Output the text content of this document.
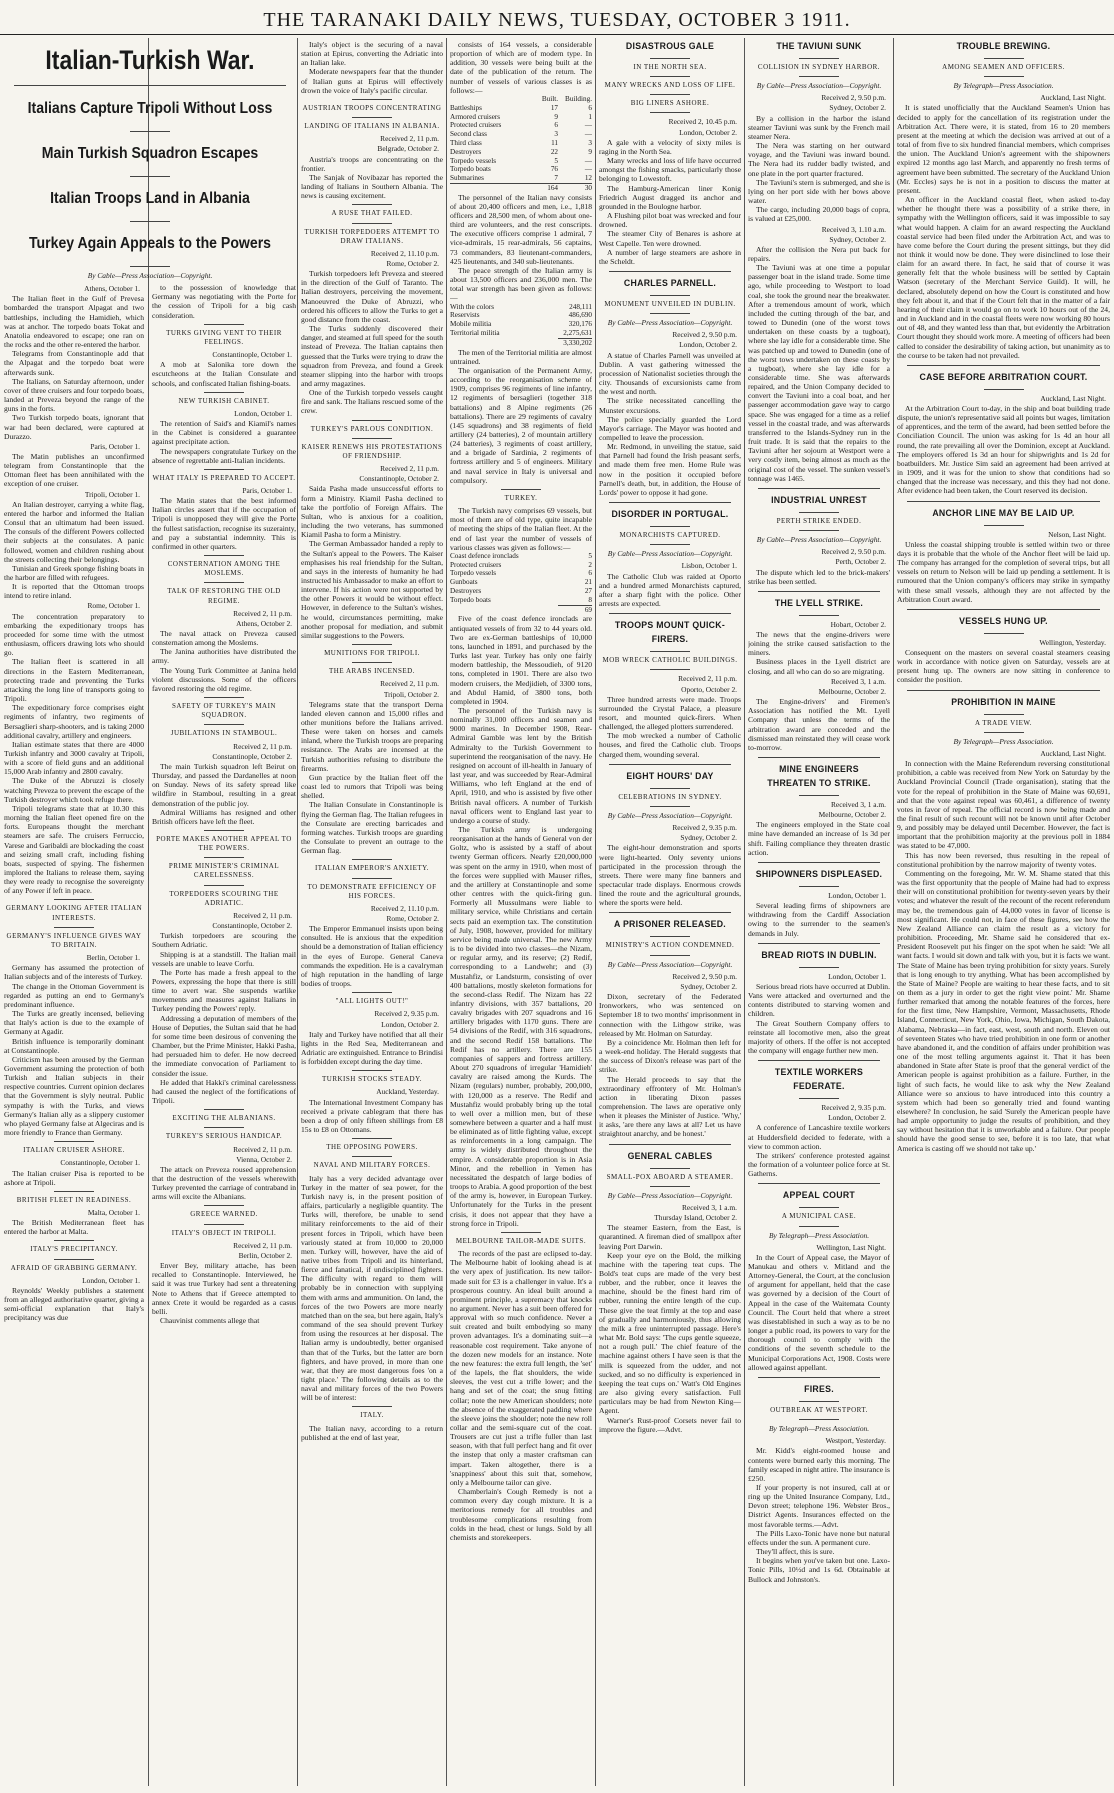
THE TARANAKI DAILY NEWS, TUESDAY, OCTOBER 3 1911.
Italian-Turkish War.
Italians Capture Tripoli Without Loss
Main Turkish Squadron Escapes
Italian Troops Land in Albania
Turkey Again Appeals to the Powers
By Cable—Press Association—Copyright.
Athens, October 1.

The Italian fleet in the Gulf of Prevesa bombarded the transport Alpagat and two battleships, including the Hamidieh, which was at anchor. The torpedo boats Tokat and Anatolia endeavored to escape; one ran on the rocks and the other re-entered the harbor.

Telegrams from Constantinople add that the Alpagat and the torpedo boat were afterwards sunk.

The Italians, on Saturday afternoon, under cover of three cruisers and four torpedo boats, landed at Preveza beyond the range of the guns in the forts.

Two Turkish torpedo boats, ignorant that war had been declared, were captured at Durazzo.

Paris, October 1.

The Matin publishes an unconfirmed telegram from Constantinople that the Ottoman fleet has been annihilated with the exception of one cruiser.

Tripoli, October 1.

An Italian destroyer, carrying a white flag, entered the harbor and informed the Italian Consul that an ultimatum had been issued. The consuls of the different Powers collected their subjects at the consulates. A panic followed, women and children rushing about the streets collecting their belongings.

Tunisian and Greek sponge fishing boats in the harbor are filled with refugees.

It is reported that the Ottoman troops intend to retire inland.

Rome, October 1.

The concentration preparatory to embarking the expeditionary troops has proceeded for some time with the utmost enthusiasm, officers drawing lots who should go.

The Italian fleet is scattered in all directions in the Eastern Mediterranean, protecting trade and preventing the Turks attacking the long line of transports going to Tripoli.

The expeditionary force comprises eight regiments of infantry, two regiments of Bersaglieri sharp-shooters, and is taking 2000 additional cavalry, artillery and engineers.

Italian estimate states that there are 4000 Turkish infantry and 3000 cavalry at Tripoli, with a score of field guns and an additional 15,000 Arab infantry and 2800 cavalry.

The Duke of the Abruzzi is closely watching Preveza to prevent the escape of the Turkish destroyer which took refuge there.

Tripoli telegrams state that at 10.30 this morning the Italian fleet opened fire on the forts. Europeans thought the merchant steamers are safe. The cruisers Ferruccio, Varese and Garibaldi are blockading the coast and seizing small craft, including fishing boats, suspected of spying. The fishermen implored the Italians to release them, saying they were ready to recognise the sovereignty of any Power if left in peace.

GERMANY LOOKING AFTER ITALIAN INTERESTS.
GERMANY'S INFLUENCE GIVES WAY TO BRITAIN.
Berlin, October 1.

Germany has assumed the protection of Italian subjects and of the interests of Turkey.

The change in the Ottoman Government is regarded as putting an end to Germany's predominant influence.

The Turks are greatly incensed, believing that Italy's action is due to the example of Germany at Agadir.

British influence is temporarily dominant at Constantinople.

Criticism has been aroused by the German Government assuming the protection of both Turkish and Italian subjects in their respective countries. Current opinion declares that the Government is slyly neutral. Public sympathy is with the Turks, and views Germany's Italian ally as a slippery customer who played Germany false at Algeciras and is more friendly to France than Germany.

ITALIAN CRUISER ASHORE.
Constantinople, October 1.

The Italian cruiser Pisa is reported to be ashore at Tripoli.

BRITISH FLEET IN READINESS.
Malta, October 1.

The British Mediterranean fleet has entered the harbor at Malta.

ITALY'S PRECIPITANCY.
AFRAID OF GRABBING GERMANY.
London, October 1.

Reynolds' Weekly publishes a statement from an alleged authoritative quarter, giving a semi-official explanation that Italy's precipitancy was due

to the possession of knowledge that Germany was negotiating with the Porte for the cession of Tripoli for a big cash consideration.

TURKS GIVING VENT TO THEIR FEELINGS.
Constantinople, October 1.

A mob at Salonika tore down the escutcheons at the Italian Consulate and schools, and confiscated Italian fishing-boats.

NEW TURKISH CABINET.
London, October 1.

The retention of Said's and Kiamil's names in the Cabinet is considered a guarantee against precipitate action.

The newspapers congratulate Turkey on the absence of regrettable anti-Italian incidents.

WHAT ITALY IS PREPARED TO ACCEPT.
Paris, October 1.

The Matin states that the best informed Italian circles assert that if the occupation of Tripoli is unopposed they will give the Porte the fullest satisfaction, recognise its suzerainty, and pay a substantial indemnity. This is confirmed in other quarters.

CONSTERNATION AMONG THE MOSLEMS.
TALK OF RESTORING THE OLD REGIME.
Received 2, 11 p.m.
Athens, October 2.

The naval attack on Preveza caused consternation among the Moslems.

The Janina authorities have distributed the army.

The Young Turk Committee at Janina held violent discussions. Some of the officers favored restoring the old regime.

SAFETY OF TURKEY'S MAIN SQUADRON.
JUBILATIONS IN STAMBOUL.
Received 2, 11 p.m.
Constantinople, October 2.

The main Turkish squadron left Beirut on Thursday, and passed the Dardanelles at noon on Sunday. News of its safety spread like wildfire in Stamboul, resulting in a great demonstration of the public joy.

Admiral Williams has resigned and other British officers have left the fleet.

PORTE MAKES ANOTHER APPEAL TO THE POWERS.
PRIME MINISTER'S CRIMINAL CARELESSNESS.
TORPEDOERS SCOURING THE ADRIATIC.
Received 2, 11 p.m.
Constantinople, October 2.

Turkish torpedoers are scouring the Southern Adriatic.

Shipping is at a standstill. The Italian mail vessels are unable to leave Corfu.

The Porte has made a fresh appeal to the Powers, expressing the hope that there is still time to avert war. She suspends warlike movements and measures against Italians in Turkey pending the Powers' reply.

Addressing a deputation of members of the House of Deputies, the Sultan said that he had for some time been desirous of convening the Chamber, but the Prime Minister, Hakki Pasha, had persuaded him to defer. He now decreed the immediate convocation of Parliament to consider the issue.

He added that Hakki's criminal carelessness had caused the neglect of the fortifications of Tripoli.

EXCITING THE ALBANIANS.
TURKEY'S SERIOUS HANDICAP.
Received 2, 11 p.m.
Vienna, October 2.

The attack on Preveza roused apprehension that the destruction of the vessels wherewith Turkey prevented the carriage of contraband in arms will excite the Albanians.

GREECE WARNED.
ITALY'S OBJECT IN TRIPOLI.
Received 2, 11 p.m.
Berlin, October 2.

Enver Bey, military attache, has been recalled to Constantinople. Interviewed, he said it was true Turkey had sent a threatening Note to Athens that if Greece attempted to annex Crete it would be regarded as a casus belli.

Chauvinist comments allege that

Italy's object is the securing of a naval station at Epirus, converting the Adriatic into an Italian lake.

Moderate newspapers fear that the thunder of Italian guns at Epirus will effectively drown the voice of Italy's pacific circular.

AUSTRIAN TROOPS CONCENTRATING
LANDING OF ITALIANS IN ALBANIA.
Received 2, 11 p.m.
Belgrade, October 2.

Austria's troops are concentrating on the frontier.

The Sanjak of Novibazar has reported the landing of Italians in Southern Albania. The news is causing excitement.

A RUSE THAT FAILED.
TURKISH TORPEDOERS ATTEMPT TO DRAW ITALIANS.
Received 2, 11.10 p.m.
Rome, October 2.

Turkish torpedoers left Preveza and steered in the direction of the Gulf of Taranto. The Italian destroyers, perceiving the movement, Manoeuvred the Duke of Abruzzi, who ordered his officers to allow the Turks to get a good distance from the coast.

The Turks suddenly discovered their danger, and steamed at full speed for the south instead of Preveza. The Italian captains then guessed that the Turks were trying to draw the squadron from Preveza, and found a Greek steamer slipping into the harbor with troops and army magazines.

One of the Turkish torpedo vessels caught fire and sank. The Italians rescued some of the crew.

TURKEY'S PARLOUS CONDITION.
KAISER RENEWS HIS PROTESTATIONS OF FRIENDSHIP.
Received 2, 11 p.m.
Constantinople, October 2.

Saida Pasha made unsuccessful efforts to form a Ministry. Kiamil Pasha declined to take the portfolio of Foreign Affairs. The Sultan, who is anxious for a coalition, including the two veterans, has summoned Kiamil Pasha to form a Ministry.

The German Ambassador handed a reply to the Sultan's appeal to the Powers. The Kaiser emphasises his real friendship for the Sultan, and says in the interests of humanity he had instructed his Ambassador to make an effort to intervene. If his action were not supported by the other Powers it would be without effect. However, in deference to the Sultan's wishes, he would, circumstances permitting, make another proposal for mediation, and submit similar suggestions to the Powers.

MUNITIONS FOR TRIPOLI.
THE ARABS INCENSED.
Received 2, 11 p.m.
Tripoli, October 2.

Telegrams state that the transport Derna landed eleven cannon and 15,000 rifles and other munitions before the Italians arrived. These were taken on horses and camels inland, where the Turkish troops are preparing resistance. The Arabs are incensed at the Turkish authorities refusing to distribute the firearms.

Gun practice by the Italian fleet off the coast led to rumors that Tripoli was being shelled.

The Italian Consulate in Constantinople is flying the German flag. The Italian refugees in the Consulate are erecting barricades and forming watches. Turkish troops are guarding the Consulate to prevent an outrage to the German flag.

ITALIAN EMPEROR'S ANXIETY.
TO DEMONSTRATE EFFICIENCY OF HIS FORCES.
Received 2, 11.10 p.m.
Rome, October 2.

The Emperor Emmanuel insists upon being consulted. He is anxious that the expedition should be a demonstration of Italian efficiency in the eyes of Europe. General Caneva commands the expedition. He is a cavalryman of high reputation in the handling of large bodies of troops.

"ALL LIGHTS OUT!"
Received 2, 9.35 p.m.
London, October 2.

Italy and Turkey have notified that all their lights in the Red Sea, Mediterranean and Adriatic are extinguished. Entrance to Brindisi is forbidden except during the day time.

TURKISH STOCKS STEADY.
Auckland, Yesterday.

The International Investment Company has received a private cablegram that there has been a drop of only fifteen shillings from £8 15s to £8 on Ottomans.

THE OPPOSING POWERS.
NAVAL AND MILITARY FORCES.

Italy has a very decided advantage over Turkey in the matter of sea power, for the Turkish navy is, in the present position of affairs, particularly a negligible quantity. The Turks will, therefore, be unable to send military reinforcements to the aid of their present forces in Tripoli, which have been variously stated at from 10,000 to 20,000 men. Turkey will, however, have the aid of native tribes from Tripoli and its hinterland, fierce and fanatical, if undisciplined fighters. The difficulty with regard to them will probably be in connection with supplying them with arms and ammunition. On land, the forces of the two Powers are more nearly matched than on the sea, but here again, Italy's command of the sea should prevent Turkey from using the resources at her disposal. The Italian army is undoubtedly, better organised than that of the Turks, but the latter are born fighters, and have proved, in more than one war, that they are most dangerous foes 'on a tight place.' The following details as to the naval and military forces of the two Powers will be of interest:

ITALY.

The Italian navy, according to a return published at the end of last year,

consists of 164 vessels, a considerable proportion of which are of modern type. In addition, 30 vessels were being built at the date of the publication of the return. The number of vessels of various classes is as follows:—

	Built.	Building.
Battleships	17	6
Armored cruisers	9	1
Protected cruisers	6	—
Second class	3	—
Third class	11	3
Destroyers	22	9
Torpedo vessels	5	—
Torpedo boats	76	—
Submarines	7	12
	164	30

The personnel of the Italian navy consists of about 20,400 officers and men, i.e., 1,818 officers and 28,500 men, of whom about one-third are volunteers, and the rest conscripts. The executive officers comprise 1 admiral, 7 vice-admirals, 15 rear-admirals, 56 captains, 73 commanders, 83 lieutenant-commanders, 425 lieutenants, and 340 sub-lieutenants.

The peace strength of the Italian army is about 13,500 officers and 236,000 men. The total war strength has been given as follows:—

With the colors	248,111
Reservists	486,690
Mobile militia	320,176
Territorial militia	2,275,631
	3,330,202

The men of the Territorial militia are almost untrained.

The organisation of the Permanent Army, according to the reorganisation scheme of 1909, comprises 96 regiments of line infantry, 12 regiments of bersaglieri (together 318 battalions) and 8 Alpine regiments (26 battalions). There are 29 regiments of cavalry (145 squadrons) and 38 regiments of field artillery (24 batteries), 2 of mountain artillery (24 batteries), 3 regiments of coast artillery, and a brigade of Sardinia, 2 regiments of fortress artillery and 5 of engineers. Military and naval service in Italy is universal and compulsory.

TURKEY.

The Turkish navy comprises 69 vessels, but most of them are of old type, quite incapable of meeting the ships of the Italian fleet. At the end of last year the number of vessels of various classes was given as follows:—

Coast defence ironclads	5
Protected cruisers	2
Torpedo vessels	6
Gunboats	21
Destroyers	27
Torpedo boats	8
	69

Five of the coast defence ironclads are antiquated vessels of from 32 to 44 years old. Two are ex-German battleships of 10,000 tons, launched in 1891, and purchased by the Turks last year. Turkey has only one fairly modern battleship, the Messoudieh, of 9120 tons, completed in 1901. There are also two modern cruisers, the Medjidieh, of 3300 tons, and Abdul Hamid, of 3800 tons, both completed in 1904.

The personnel of the Turkish navy is nominally 31,000 officers and seamen and 9000 marines. In December 1908, Rear-Admiral Gamble was lent by the British Admiralty to the Turkish Government to superintend the reorganisation of the navy. He resigned on account of ill-health in January of last year, and was succeeded by Rear-Admiral Williams, who left England at the end of April, 1910, and who is assisted by five other British naval officers. A number of Turkish naval officers went to England last year to undergo a course of study.

The Turkish army is undergoing reorganisation at the hands of General von der Goltz, who is assisted by a staff of about twenty German officers. Nearly £20,000,000 was spent on the army in 1910, when most of the forces were supplied with Mauser rifles, and the artillery at Constantinople and some other centres with the quick-firing gun. Formerly all Mussulmans were liable to military service, while Christians and certain sects paid an exemption tax. The constitution of July, 1908, however, provided for military service being made universal. The new Army is to be divided into two classes—the Nizam, or regular army, and its reserve; (2) Redif, corresponding to a Landwehr; and (3) Mustahfiz, or Landsturm, consisting of over 400 battalions, mostly skeleton formations for the second-class Redif. The Nizam has 22 infantry divisions, with 357 battalions, 20 cavalry brigades with 207 squadrons and 16 artillery brigades with 1170 guns. There are 54 divisions of the Redif, with 316 squadrons, and the second Redif 158 battalions. The Redif has no artillery. There are 155 companies of sappers and fortress artillery. About 270 squadrons of irregular 'Hamidieh' cavalry are raised among the Kurds. The Nizam (regulars) number, probably, 200,000, with 120,000 as a reserve. The Redif and Mustahfiz would probably bring up the total to well over a million men, but of these somewhere between a quarter and a half must be eliminated as of little fighting value, except as reinforcements in a long campaign. The army is widely distributed throughout the empire. A considerable proportion is in Asia Minor, and the rebellion in Yemen has necessitated the despatch of large bodies of troops to Arabia. A good proportion of the best of the army is, however, in European Turkey. Unfortunately for the Turks in the present crisis, it does not appear that they have a strong force in Tripoli.

MELBOURNE TAILOR-MADE SUITS.

The records of the past are eclipsed to-day. The Melbourne habit of looking ahead is at the very apex of justification. Its new tailor-made suit for £3 is a challenger in value. It's a prosperous country. An ideal built around a prominent principle, a supremacy that knocks no argument. Never has a suit been offered for approval with so much confidence. Never a suit created and built embodying so many proven advantages. It's a dominating suit—a reasonable cost requirement. Take anyone of the dozen new models for an instance. Note the new features: the extra full length, the 'set' of the lapels, the flat shoulders, the wide sleeves, the vest cut a trifle lower; and the hang and set of the coat; the snug fitting collar; note the new American shoulders; note the absence of the exaggerated padding where the sleeve joins the shoulder; note the new roll collar and the semi-square cut of the coat. Trousers are cut just a trifle fuller than last season, with that full perfect hang and fit over the instep that only a master craftsman can impart. Taken altogether, there is a 'snappiness' about this suit that, somehow, only a Melbourne tailor can give.

Chamberlain's Cough Remedy is not a common every day cough mixture. It is a meritorious remedy for all troubles and troublesome complications resulting from colds in the head, chest or lungs. Sold by all chemists and storekeepers.

DISASTROUS GALE
IN THE NORTH SEA.
MANY WRECKS AND LOSS OF LIFE.
BIG LINERS ASHORE.
Received 2, 10.45 p.m.
London, October 2.

A gale with a velocity of sixty miles is raging in the North Sea.

Many wrecks and loss of life have occurred amongst the fishing smacks, particularly those belonging to Lowestoft.

The Hamburg-American liner Konig Friedrich August dragged its anchor and grounded in the Boulogne harbor.

A Flushing pilot boat was wrecked and four drowned.

The steamer City of Benares is ashore at West Capelle. Ten were drowned.

A number of large steamers are ashore in the Scheldt.

CHARLES PARNELL.
MONUMENT UNVEILED IN DUBLIN.
By Cable—Press Association—Copyright.
Received 2, 9.50 p.m.
London, October 2.

A statue of Charles Parnell was unveiled at Dublin. A vast gathering witnessed the procession of Nationalist societies through the city. Thousands of excursionists came from the west and north.

The strike necessitated cancelling the Munster excursions.

The police specially guarded the Lord Mayor's carriage. The Mayor was hooted and compelled to leave the procession.

Mr. Redmond, in unveiling the statue, said that Parnell had found the Irish peasant serfs, and made them free men. Home Rule was now in the position it occupied before Parnell's death, but, in addition, the House of Lords' power to oppose it had gone.

DISORDER IN PORTUGAL.
MONARCHISTS CAPTURED.
By Cable—Press Association—Copyright.
Lisbon, October 1.

The Catholic Club was raided at Oporto and a hundred armed Monarchists captured, after a sharp fight with the police. Other arrests are expected.

TROOPS MOUNT QUICK-FIRERS.
MOB WRECK CATHOLIC BUILDINGS.
Received 2, 11 p.m.
Oporto, October 2.

Three hundred arrests were made. Troops surrounded the Crystal Palace, a pleasure resort, and mounted quick-firers. When challenged, the alleged plotters surrendered.

The mob wrecked a number of Catholic houses, and fired the Catholic club. Troops charged them, wounding several.

EIGHT HOURS' DAY
CELEBRATIONS IN SYDNEY.
By Cable—Press Association—Copyright.
Received 2, 9.35 p.m.
Sydney, October 2.

The eight-hour demonstration and sports were light-hearted. Only seventy unions participated in the procession through the streets. There were many fine banners and spectacular trade displays. Enormous crowds lined the route and the agricultural grounds, where the sports were held.

A PRISONER RELEASED.
MINISTRY'S ACTION CONDEMNED.
By Cable—Press Association—Copyright.
Received 2, 9.50 p.m.
Sydney, October 2.

Dixon, secretary of the Federated Ironworkers, who was sentenced on September 18 to two months' imprisonment in connection with the Lithgow strike, was released by Mr. Holman on Saturday.

By a coincidence Mr. Holman then left for a week-end holiday. The Herald suggests that the success of Dixon's release was part of the strike.

The Herald proceeds to say that the extraordinary effrontery of Mr. Holman's action in liberating Dixon passes comprehension. The laws are operative only when it pleases the Minister of Justice. 'Why,' it asks, 'are there any laws at all? Let us have straightout anarchy, and be honest.'

GENERAL CABLES
SMALL-POX ABOARD A STEAMER.
By Cable—Press Association—Copyright.
Received 3, 1 a.m.
Thursday Island, October 2.

The steamer Eastern, from the East, is quarantined. A fireman died of smallpox after leaving Port Darwin.

Keep your eye on the Bold, the milking machine with the tapering teat cups. The Bold's teat cups are made of the very best rubber, and the rubber, once it leaves the machine, should be the finest hard rim of rubber, running the entire length of the cup. These give the teat firmly at the top and ease of gradually and harmoniously, thus allowing the milk a free uninterrupted passage. Here's what Mr. Bold says: 'The cups gentle squeeze, not a rough pull.' The chief feature of the machine against others I have seen is that the milk is squeezed from the udder, and not sucked, and so no difficulty is experienced in keeping the teat cups on.' Watt's Old Engines are also giving every satisfaction. Full particulars may be had from Newton King—Agent.

Warner's Rust-proof Corsets never fail to improve the figure.—Advt.

THE TAVIUNI SUNK
COLLISION IN SYDNEY HARBOR.
By Cable—Press Association—Copyright.
Received 2, 9.50 p.m.
Sydney, October 2.

By a collision in the harbor the island steamer Taviuni was sunk by the French mail steamer Nera.

The Nera was starting on her outward voyage, and the Taviuni was inward bound. The Nera had its rudder badly twisted, and one plate in the port quarter fractured.

The Taviuni's stern is submerged, and she is lying on her port side with her bows above water.

The cargo, including 20,000 bags of copra, is valued at £25,000.

Received 3, 1.10 a.m.
Sydney, October 2.

After the collision the Nera put back for repairs.

The Taviuni was at one time a popular passenger boat in the island trade. Some time ago, while proceeding to Westport to load coal, she took the ground near the breakwater. After a tremendous amount of work, which included the cutting through of the bar, and towed to Dunedin (one of the worst tows undertaken on these coasts by a tugboat), where she lay idle for a considerable time. She was patched up and towed to Dunedin (one of the worst tows undertaken on these coasts by a tugboat), where she lay idle for a considerable time. She was afterwards repaired, and the Union Company decided to convert the Taviuni into a coal boat, and her passenger accommodation gave way to cargo space. She was engaged for a time as a relief vessel in the coastal trade, and was afterwards transferred to the Islands-Sydney run in the fruit trade. It is said that the repairs to the Taviuni after her sojourn at Westport were a very costly item, being almost as much as the original cost of the vessel. The sunken vessel's tonnage was 1465.

INDUSTRIAL UNREST
PERTH STRIKE ENDED.
By Cable—Press Association—Copyright.
Received 2, 9.50 p.m.
Perth, October 2.

The dispute which led to the brick-makers' strike has been settled.

THE LYELL STRIKE.
Hobart, October 2.

The news that the engine-drivers were joining the strike caused satisfaction to the miners.

Business places in the Lyell district are closing, and all who can do so are migrating.

Received 3, 1 a.m.
Melbourne, October 2.

The Engine-drivers' and Firemen's Association has notified the Mt. Lyell Company that unless the terms of the arbitration award are conceded and the dismissed man reinstated they will cease work to-morrow.

MINE ENGINEERS THREATEN TO STRIKE.
Received 3, 1 a.m.
Melbourne, October 2.

The engineers employed in the State coal mine have demanded an increase of 1s 3d per shift. Failing compliance they threaten drastic action.

SHIPOWNERS DISPLEASED.
London, October 1.

Several leading firms of shipowners are withdrawing from the Cardiff Association owing to the surrender to the seamen's demands in July.

BREAD RIOTS IN DUBLIN.
London, October 1.

Serious bread riots have occurred at Dublin. Vans were attacked and overturned and the contents distributed to starving women and children.

The Great Southern Company offers to reinstate all locomotive men, also the great majority of others. If the offer is not accepted the company will engage further new men.

TEXTILE WORKERS FEDERATE.
Received 2, 9.35 p.m.
London, October 2.

A conference of Lancashire textile workers at Huddersfield decided to federate, with a view to common action.

The strikers' conference protested against the formation of a volunteer police force at St. Gatherns.

APPEAL COURT
A MUNICIPAL CASE.
By Telegraph—Press Association.
Wellington, Last Night.

In the Court of Appeal case, the Mayor of Manukau and others v. Mitland and the Attorney-General, the Court, at the conclusion of argument for appellant, held that the case was governed by a decision of the Court of Appeal in the case of the Waitemata County Council. The Court held that where a street was disestablished in such a way as to be no longer a public road, its powers to vary for the thorough council to comply with the conditions of the seventh schedule to the Municipal Corporations Act, 1908. Costs were allowed against appellant.

FIRES.
OUTBREAK AT WESTPORT.
By Telegraph—Press Association.
Westport, Yesterday.

Mr. Kidd's eight-roomed house and contents were burned early this morning. The family escaped in night attire. The insurance is £250.

If your property is not insured, call at or ring up the United Insurance Company, Ltd., Devon street; telephone 196. Webster Bros., District Agents. Insurances effected on the most favorable terms.—Advt.

The Pills Laxo-Tonic have none but natural effects under the sun. A permanent cure.

They'll affect, this is sure.

It begins when you've taken but one. Laxo-Tonic Pills, 10½d and 1s 6d. Obtainable at Bullock and Johnston's.

TROUBLE BREWING.
AMONG SEAMEN AND OFFICERS.
By Telegraph—Press Association.
Auckland, Last Night.

It is stated unofficially that the Auckland Seamen's Union has decided to apply for the cancellation of its registration under the Arbitration Act. There were, it is stated, from 16 to 20 members present at the meeting at which the decision was arrived at out of a total of from five to six hundred financial members, which comprises the union. The Auckland Union's agreement with the shipowners expired 12 months ago last March, and apparently no fresh terms of agreement have been submitted. The secretary of the Auckland Union (Mr. Eccles) says he is not in a position to discuss the matter at present.

An officer in the Auckland coastal fleet, when asked to-day whether he thought there was a possibility of a strike there, in sympathy with the Wellington officers, said it was impossible to say what would happen. A claim for an award respecting the Auckland coastal service had been filed under the Arbitration Act, and was to have come before the Court during the present sittings, but they did not think it would now be done. They were disinclined to lose their claim for an award there. In fact, he said that of course it was generally felt that the whole business will be settled by Captain Watson (secretary of the Merchant Service Guild). It will, he declared, absolutely depend on how the Court is constituted and how they felt about it, and that if the Court felt that in the matter of a fair hearing of their claim it would go on to work 10 hours out of the 24, and in Auckland and in the coastal fleets were now working 80 hours out of 48, and they wanted less than that, but evidently the Arbitration Court thought they should work more. A meeting of officers had been called to consider the desirability of taking action, but unanimity as to the course to be taken had not prevailed.

CASE BEFORE ARBITRATION COURT.
Auckland, Last Night.

At the Arbitration Court to-day, in the ship and boat building trade dispute, the union's representative said all points but wages, limitation of apprentices, and the term of the award, had been settled before the Conciliation Council. The union was asking for 1s 4d an hour all round, the rate prevailing all over the Dominion, except at Auckland. The employers offered 1s 3d an hour for shipwrights and 1s 2d for boatbuilders. Mr. Justice Sim said an agreement had been arrived at in 1909, and it was for the union to show that conditions had so changed that the increase was necessary, and this they had not done. After evidence had been taken, the Court reserved its decision.

ANCHOR LINE MAY BE LAID UP.
Nelson, Last Night.

Unless the coastal shipping trouble is settled within two or three days it is probable that the whole of the Anchor fleet will be laid up. The company has arranged for the completion of several trips, but all vessels on return to Nelson will be laid up pending a settlement. It is rumoured that the Union company's officers may strike in sympathy with these small vessels, although they are not affected by the Arbitration Court award.

VESSELS HUNG UP.
Wellington, Yesterday.

Consequent on the masters on several coastal steamers ceasing work in accordance with notice given on Saturday, vessels are at present hung up. The owners are now sitting in conference to consider the position.

PROHIBITION IN MAINE
A TRADE VIEW.
By Telegraph—Press Association.
Auckland, Last Night.

In connection with the Maine Referendum reversing constitutional prohibition, a cable was received from New York on Saturday by the Auckland Provincial Council (Trade organisation), stating that the vote for the repeal of prohibition in the State of Maine was 60,691, and that the vote against repeal was 60,461, a difference of twenty votes in favor of repeal. The official record is now being made and the final result of such recount will not be known until after October 9, and possibly may be delayed until December. However, the fact is important that the prohibition majority at the previous poll in 1884 was stated to be 47,000.

This has now been reversed, thus resulting in the repeal of constitutional prohibition by the narrow majority of twenty votes.

Commenting on the foregoing, Mr. W. M. Shame stated that this was the first opportunity that the people of Maine had had to express their will on constitutional prohibition for twenty-seven years by their votes; and whatever the result of the recount of the recent referendum may be, the tremendous gain of 44,000 votes in favor of license is most significant. He could not, in face of these figures, see how the New Zealand Alliance can claim the result as a victory for prohibition. Proceeding, Mr. Shame said he considered that ex-President Roosevelt put his finger on the spot when he said: 'We all want facts. I would sit down and talk with you, but it is facts we want. The State of Maine has been trying prohibition for sixty years. Surely that is long enough to try anything. What has been accomplished by the State of Maine? People are waiting to hear these facts, and to sit on them as a jury in order to get the right view point.' Mr. Shame further remarked that among the notable features of the forces, here for the first time, New Hampshire, Vermont, Massachusetts, Rhode Island, Connecticut, New York, Ohio, Iowa, Michigan, South Dakota, Alabama, Nebraska—in fact, east, west, south and north. Eleven out of seventeen States who have tried prohibition in one form or another have abandoned it, and the condition of affairs under prohibition was one of the most telling arguments against it. That it has been abandoned in State after State is proof that the general verdict of the American people is against prohibition as a failure. Further, in the light of such facts, he would like to ask why the New Zealand Alliance were so anxious to have introduced into this country a system which had been so generally tried and found wanting elsewhere? In conclusion, he said 'Surely the American people have had ample opportunity to judge the results of prohibition, and they say without hesitation that it is unworkable and a failure. Our people should have the good sense to see, before it is too late, that what America is casting off we should not take up.'
